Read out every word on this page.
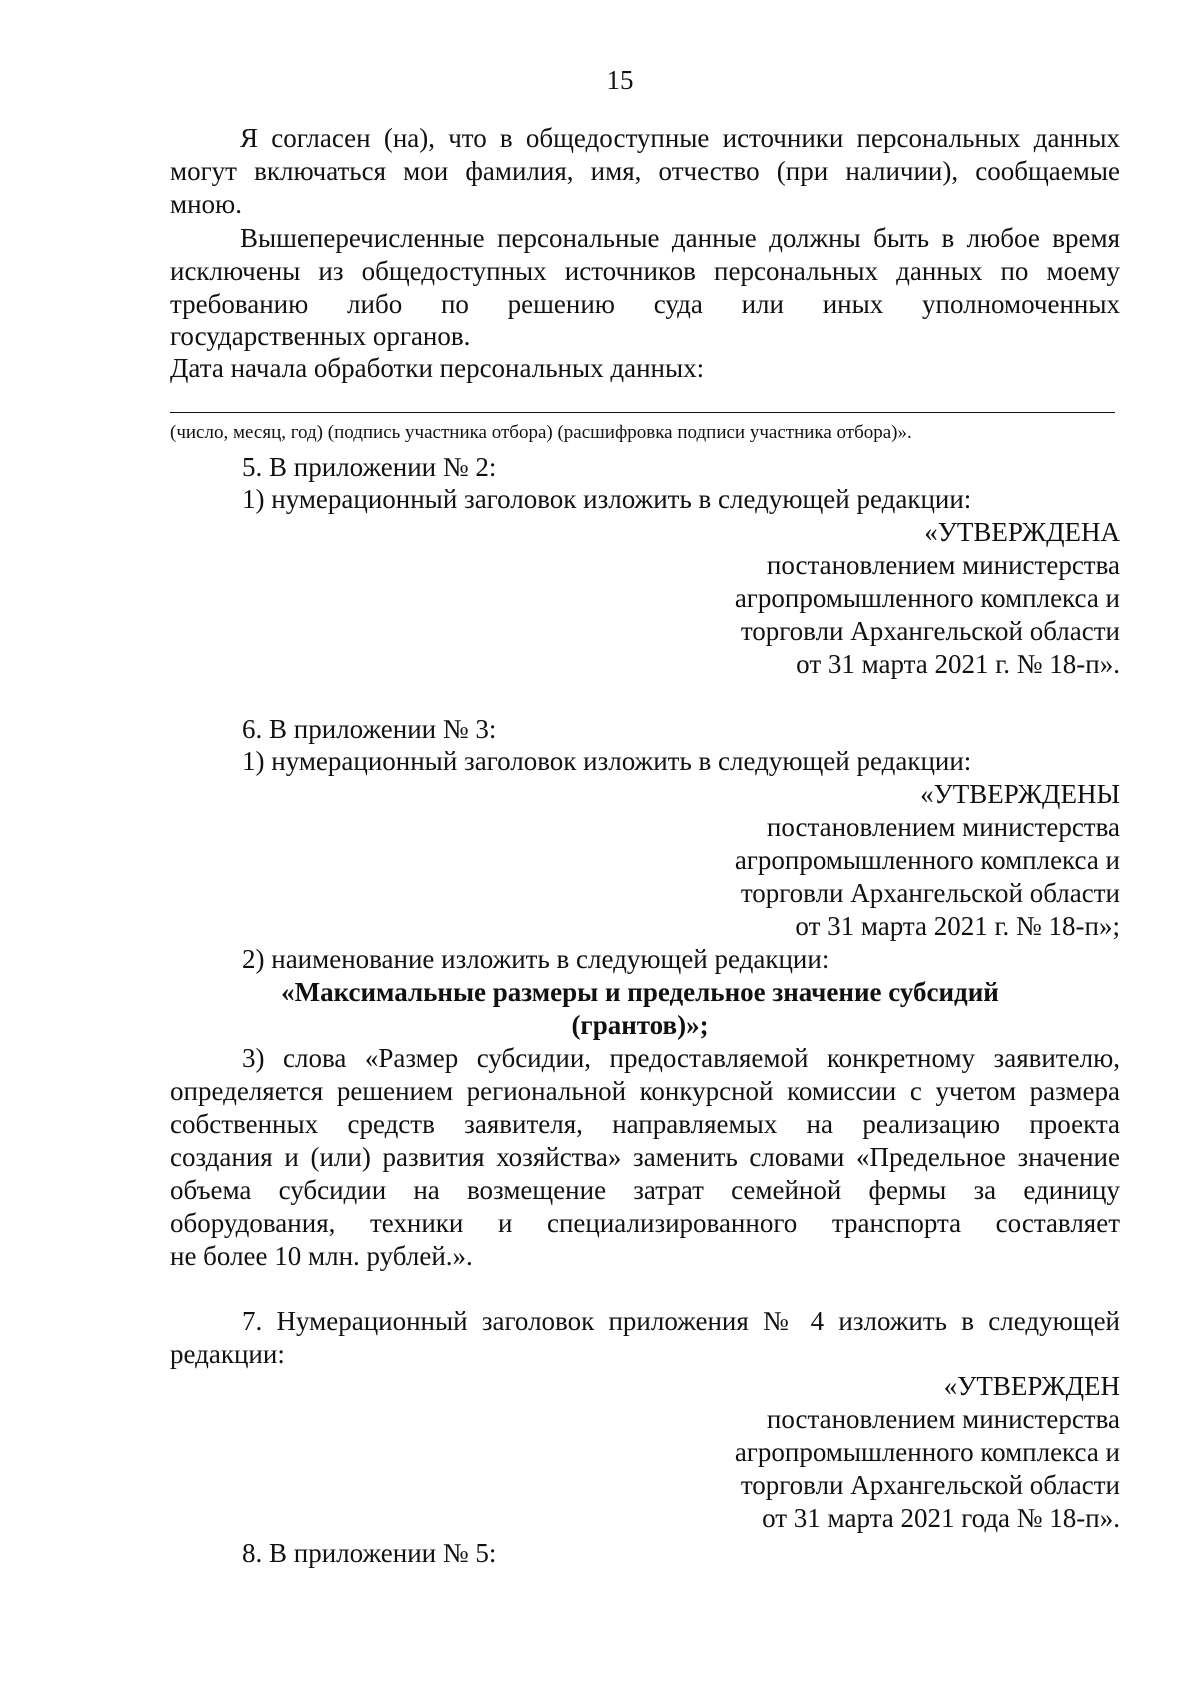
15
Я согласен (на), что в общедоступные источники персональных данных
могут включаться мои фамилия, имя, отчество (при наличии), сообщаемые
мною.
Вышеперечисленные персональные данные должны быть в любое время
исключены из общедоступных источников персональных данных по моему
требованию либо по решению суда или иных уполномоченных
государственных органов.
Дата начала обработки персональных данных:
(число, месяц, год) (подпись участника отбора) (расшифровка подписи участника отбора)».
5. В приложении № 2:
1) нумерационный заголовок изложить в следующей редакции:
«УТВЕРЖДЕНА
постановлением министерства
агропромышленного комплекса и
торговли Архангельской области
от 31 марта 2021 г. № 18-п».
6. В приложении № 3:
1) нумерационный заголовок изложить в следующей редакции:
«УТВЕРЖДЕНЫ
постановлением министерства
агропромышленного комплекса и
торговли Архангельской области
от 31 марта 2021 г. № 18-п»;
2) наименование изложить в следующей редакции:
«Максимальные размеры и предельное значение субсидий
(грантов)»;
3) слова «Размер субсидии, предоставляемой конкретному заявителю,
определяется решением региональной конкурсной комиссии с учетом размера
собственных средств заявителя, направляемых на реализацию проекта
создания и (или) развития хозяйства» заменить словами «Предельное значение
объема субсидии на возмещение затрат семейной фермы за единицу
оборудования, техники и специализированного транспорта составляет
не более 10 млн. рублей.».
7. Нумерационный заголовок приложения № 4 изложить в следующей
редакции:
«УТВЕРЖДЕН
постановлением министерства
агропромышленного комплекса и
торговли Архангельской области
от 31 марта 2021 года № 18-п».
8. В приложении № 5:
